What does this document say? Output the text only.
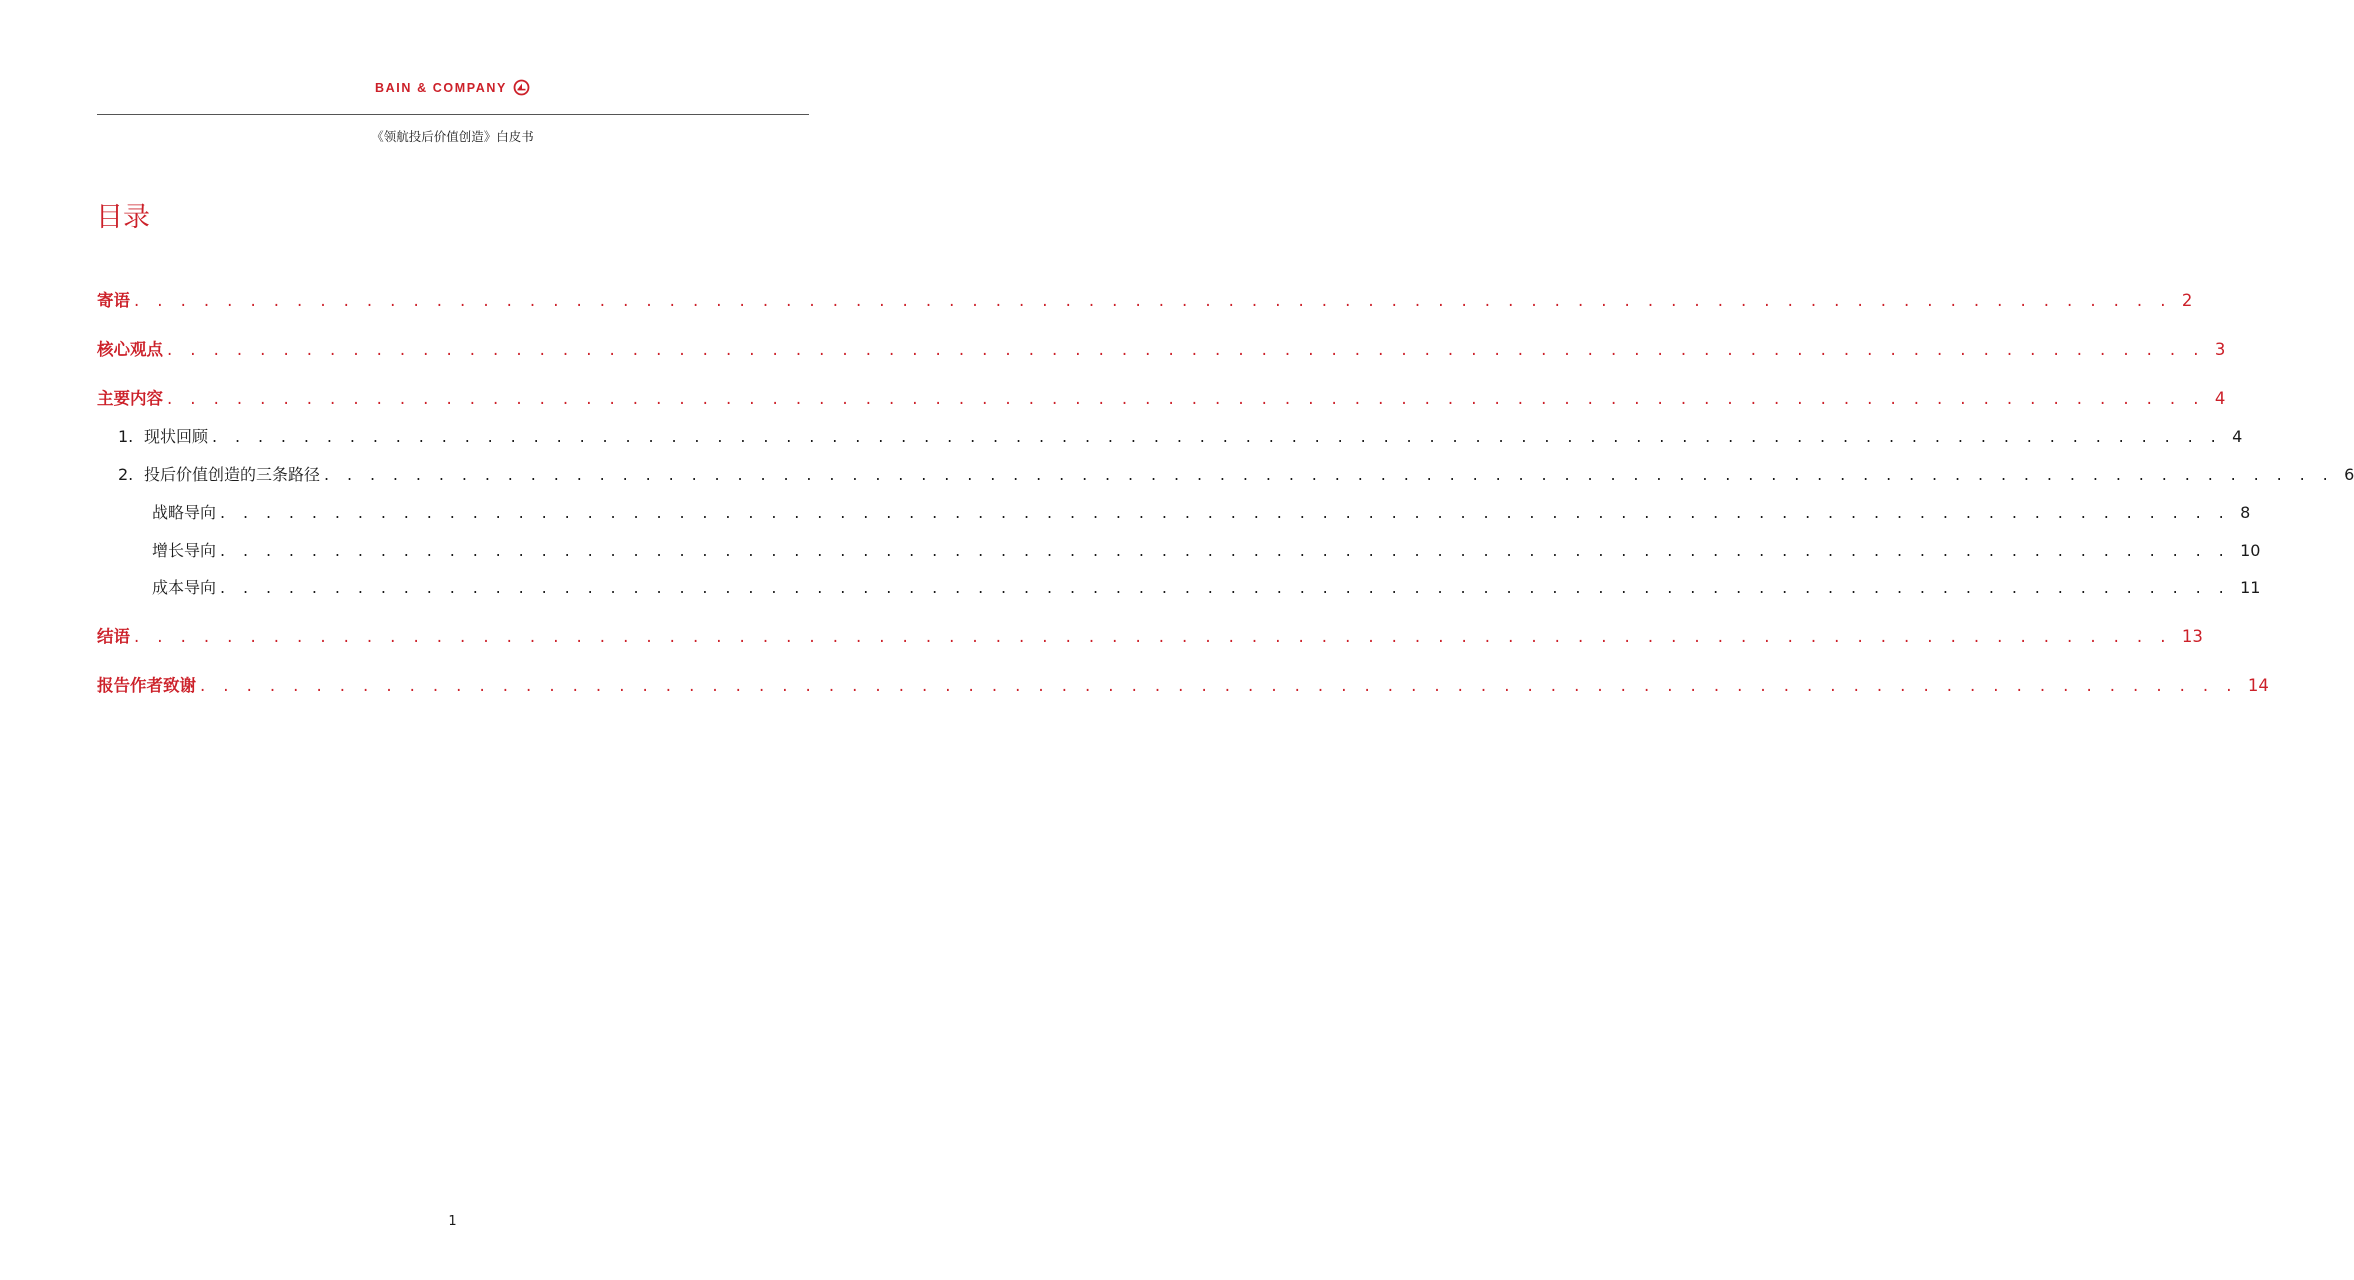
BAIN & COMPANY
《领航投后价值创造》白皮书
目录
寄语 . . . . . . . . . . . . . . . . . . . . . . . . . . . . . . . . . . . . . . . . . . . . . . . . . . . . . . . . . . . . . . . . . . . . . . . . . . . . . . . . . . . . . . . . 2
核心观点 . . . . . . . . . . . . . . . . . . . . . . . . . . . . . . . . . . . . . . . . . . . . . . . . . . . . . . . . . . . . . . . . . . . . . . . . . . . . . . . . . . . . . . . . 3
主要内容 . . . . . . . . . . . . . . . . . . . . . . . . . . . . . . . . . . . . . . . . . . . . . . . . . . . . . . . . . . . . . . . . . . . . . . . . . . . . . . . . . . . . . . . . 4
1. 现状回顾 . . . . . . . . . . . . . . . . . . . . . . . . . . . . . . . . . . . . . . . . . . . . . . . . . . . . . . . . . . . . . . . . . . . . . . . . . . . . . . . . . . . . . . . . 4
2. 投后价值创造的三条路径 . . . . . . . . . . . . . . . . . . . . . . . . . . . . . . . . . . . . . . . . . . . . . . . . . . . . . . . . . . . . . . . . . . . . . . . . . . . . . . . . . . . . . . . . 6
战略导向 . . . . . . . . . . . . . . . . . . . . . . . . . . . . . . . . . . . . . . . . . . . . . . . . . . . . . . . . . . . . . . . . . . . . . . . . . . . . . . . . . . . . . . . . 8
增长导向 . . . . . . . . . . . . . . . . . . . . . . . . . . . . . . . . . . . . . . . . . . . . . . . . . . . . . . . . . . . . . . . . . . . . . . . . . . . . . . . . . . . . . . . . 10
成本导向 . . . . . . . . . . . . . . . . . . . . . . . . . . . . . . . . . . . . . . . . . . . . . . . . . . . . . . . . . . . . . . . . . . . . . . . . . . . . . . . . . . . . . . . . 11
结语 . . . . . . . . . . . . . . . . . . . . . . . . . . . . . . . . . . . . . . . . . . . . . . . . . . . . . . . . . . . . . . . . . . . . . . . . . . . . . . . . . . . . . . . . 13
报告作者致谢 . . . . . . . . . . . . . . . . . . . . . . . . . . . . . . . . . . . . . . . . . . . . . . . . . . . . . . . . . . . . . . . . . . . . . . . . . . . . . . . . . . . . . . . . 14
1
